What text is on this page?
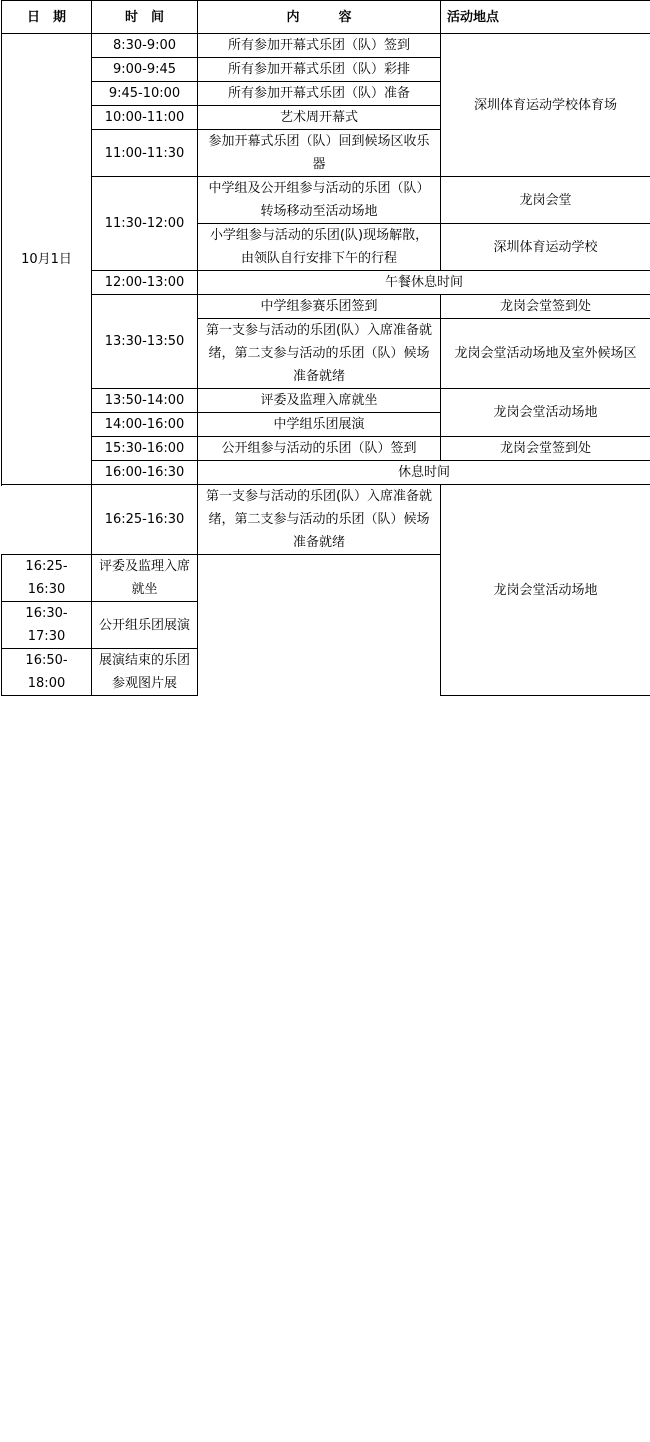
日　期	时　间	内　　　容	活动地点
10月1日	8:30-9:00	所有参加开幕式乐团（队）签到	深圳体育运动学校体育场
	9:00-9:45	所有参加开幕式乐团（队）彩排	
	9:45-10:00	所有参加开幕式乐团（队）准备	
	10:00-11:00	艺术周开幕式	
	11:00-11:30	参加开幕式乐团（队）回到候场区收乐器	

	11:30-12:00	中学组及公开组参与活动的乐团（队）转场移动至活动场地	龙岗会堂

		小学组参与活动的乐团(队)现场解散，由领队自行安排下午的行程	深圳体育运动学校

	12:00-13:00	午餐休息时间	
	13:30-13:50	中学组参赛乐团签到	龙岗会堂签到处
		第一支参与活动的乐团(队）入席准备就绪，第二支参与活动的乐团（队）候场准备就绪	龙岗会堂活动场地及室外候场区

	13:50-14:00	评委及监理入席就坐	龙岗会堂活动场地
	14:00-16:00	中学组乐团展演	
	15:30-16:00	公开组参与活动的乐团（队）签到	龙岗会堂签到处
	16:00-16:30	休息时间	
	16:25-16:30	第一支参与活动的乐团(队）入席准备就绪，第二支参与活动的乐团（队）候场准备就绪	龙岗会堂活动场地

16:25-16:30	评委及监理入席就坐		
16:30-17:30	公开组乐团展演		
16:50-18:00	展演结束的乐团参观图片展		
